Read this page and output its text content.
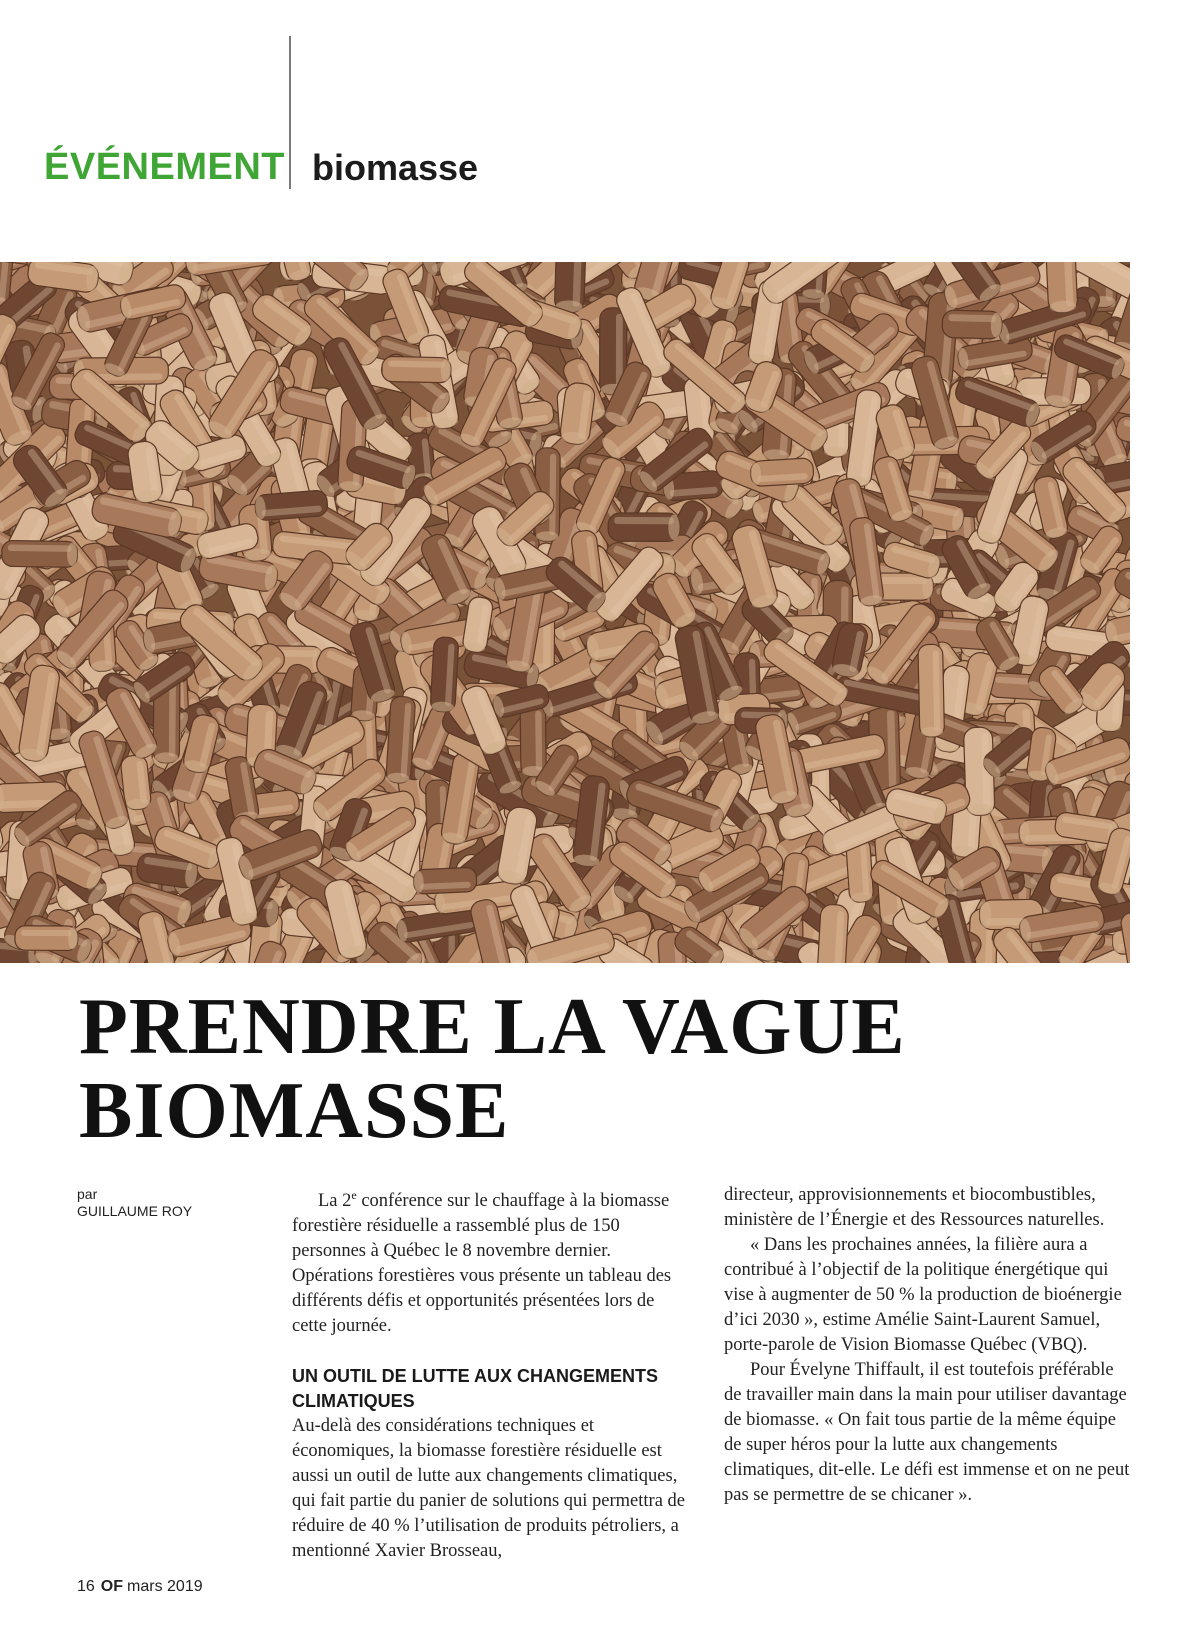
ÉVÉNEMENT biomasse
PRENDRE LA VAGUE
BIOMASSE
par
GUILLAUME ROY	La 2e conférence sur le chauffage à la biomasse forestière résiduelle a rassemblé plus de 150 personnes à Québec le 8 novembre dernier. Opérations forestières vous présente un tableau des différents défis et opportunités présentées lors de cette journée.

UN OUTIL DE LUTTE AUX CHANGEMENTS CLIMATIQUES

Au-delà des considérations techniques et économiques, la biomasse forestière résiduelle est aussi un outil de lutte aux changements climatiques, qui fait partie du panier de solutions qui permettra de réduire de 40 % l’utilisation de produits pétroliers, a mentionné Xavier Brosseau,

directeur, approvisionnements et biocombustibles, ministère de l’Énergie et des Ressources naturelles.

« Dans les prochaines années, la filière aura a contribué à l’objectif de la politique énergétique qui vise à augmenter de 50 % la production de bioénergie d’ici 2030 », estime Amélie Saint-Laurent Samuel, porte-parole de Vision Biomasse Québec (VBQ).

Pour Évelyne Thiffault, il est toutefois préférable de travailler main dans la main pour utiliser davantage de biomasse. « On fait tous partie de la même équipe de super héros pour la lutte aux changements climatiques, dit-elle. Le défi est immense et on ne peut pas se permettre de se chicaner ».

16 OF mars 2019
